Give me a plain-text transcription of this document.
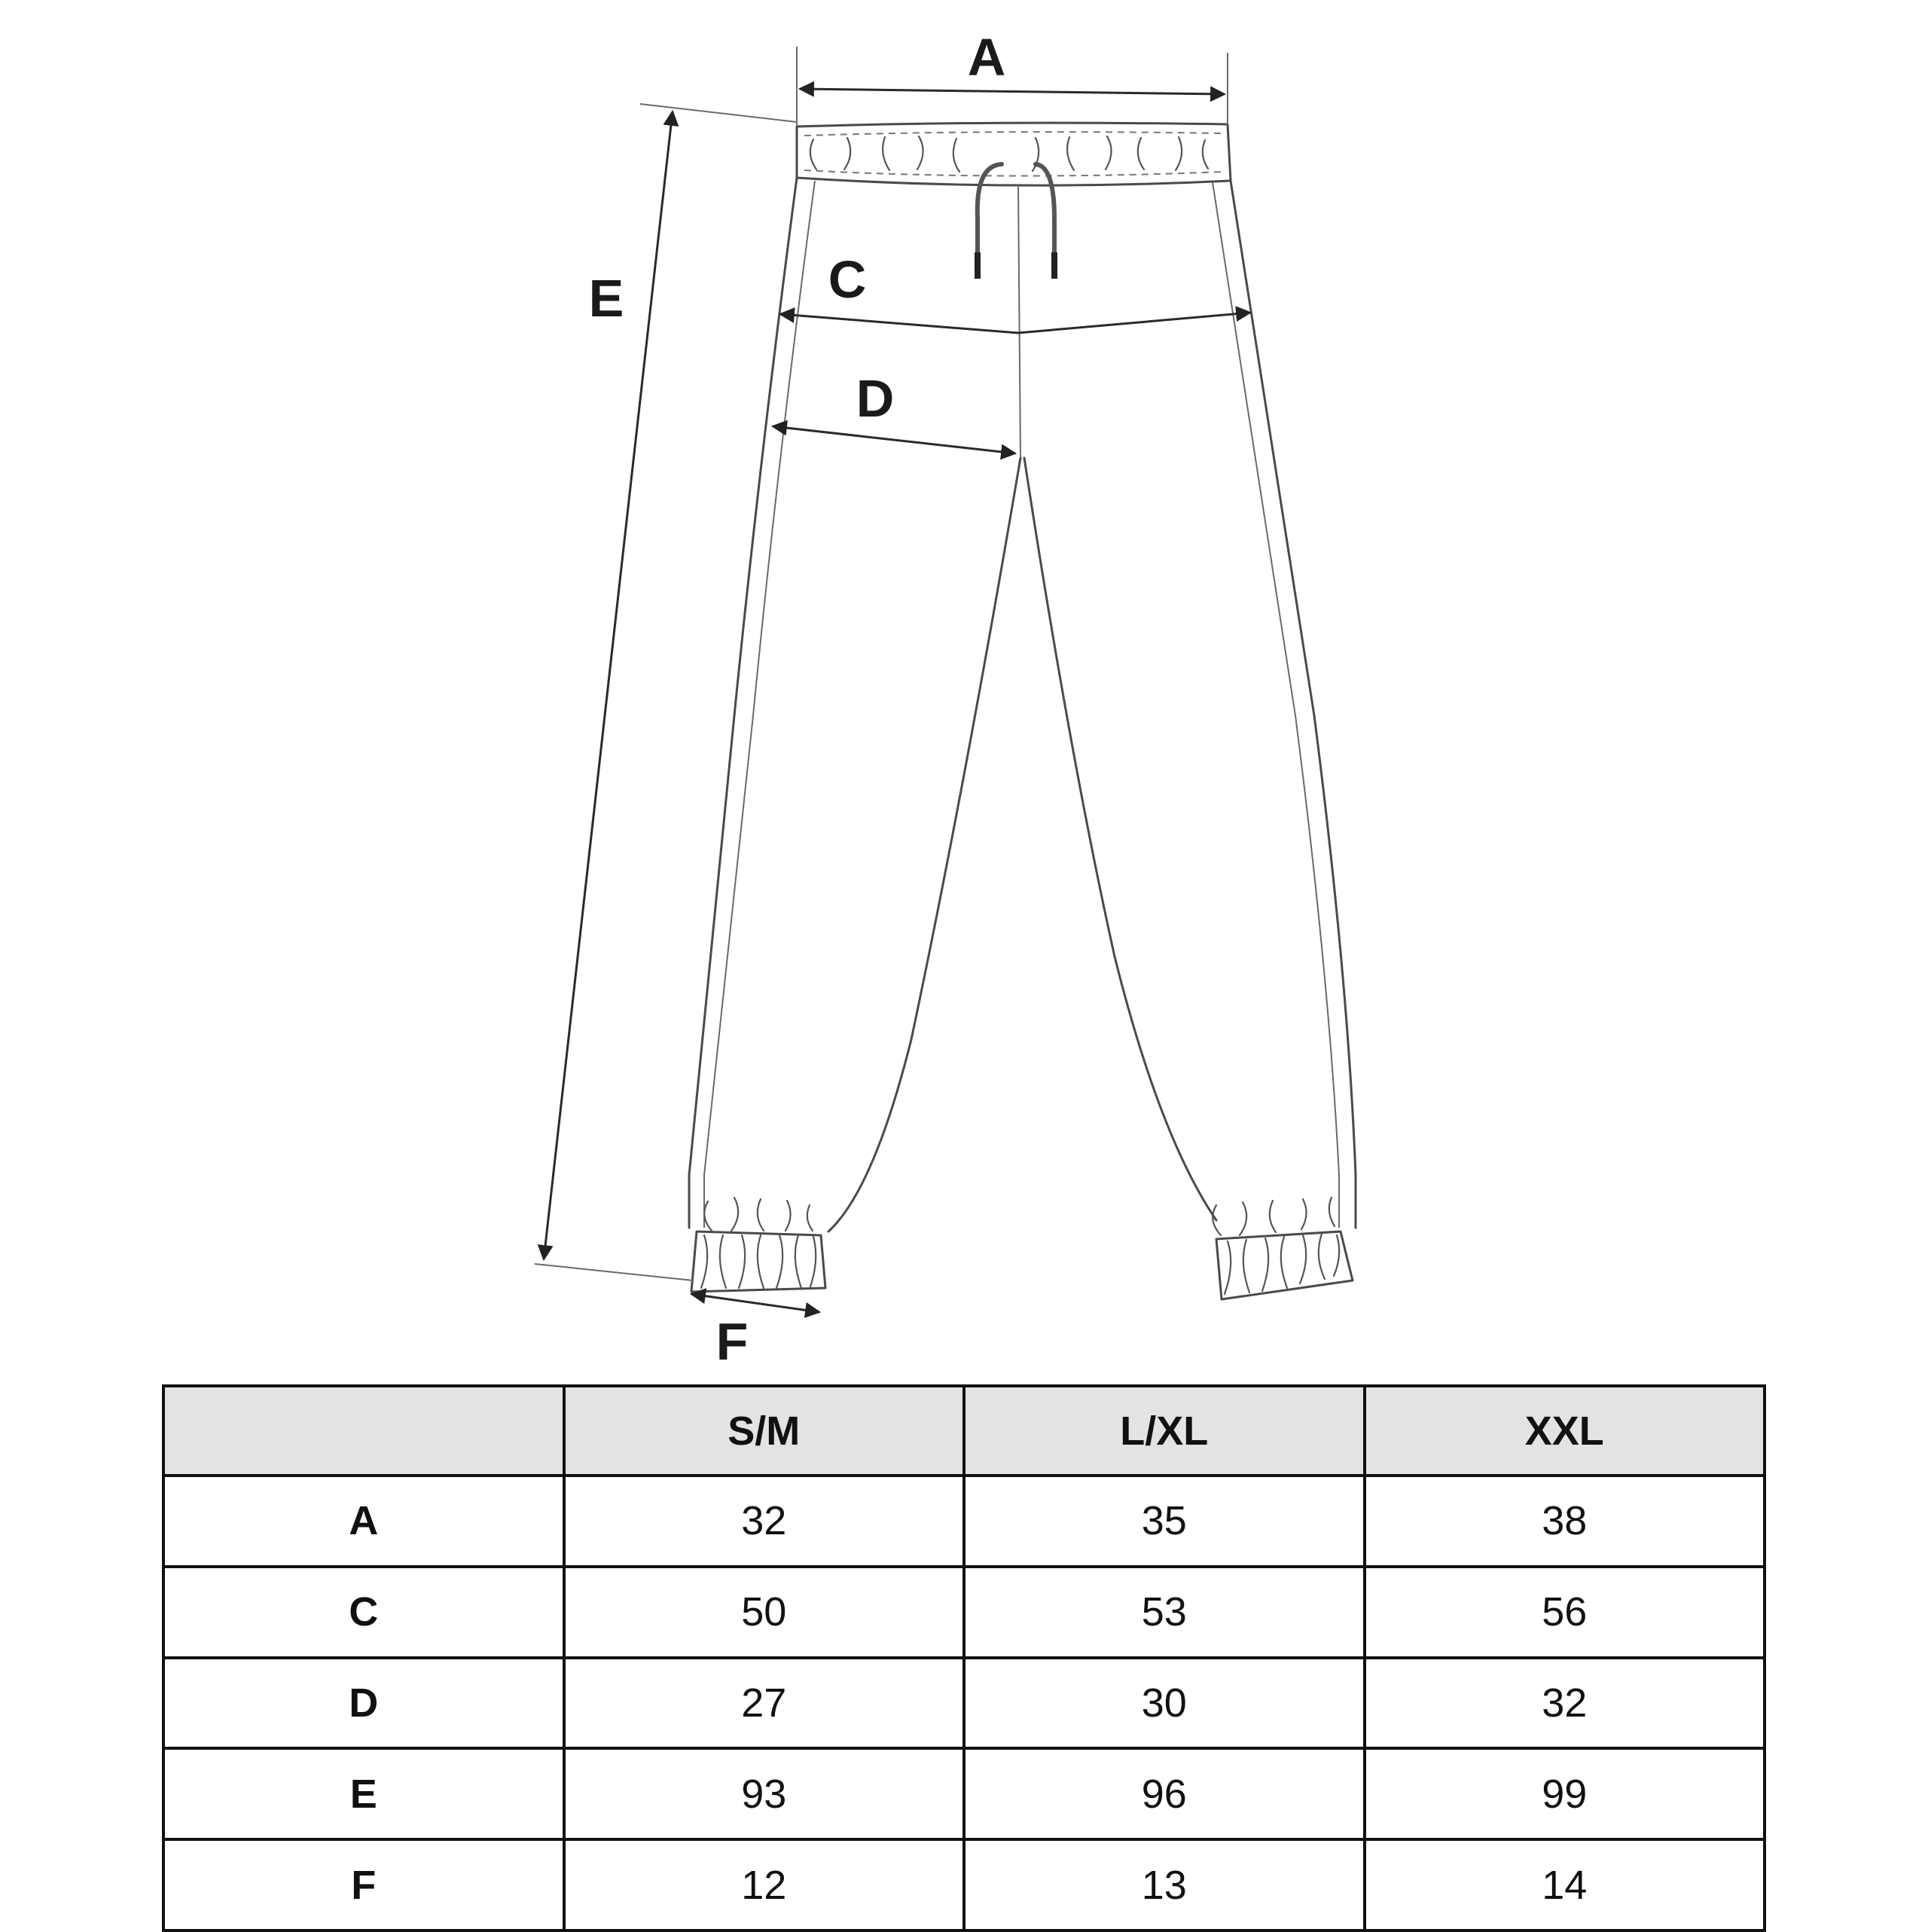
A
E	C
D
F
	S/M	L/XL	XXL
A	32	35	38
C	50	53	56
D	27	30	32
E	93	96	99
F	12	13	14
